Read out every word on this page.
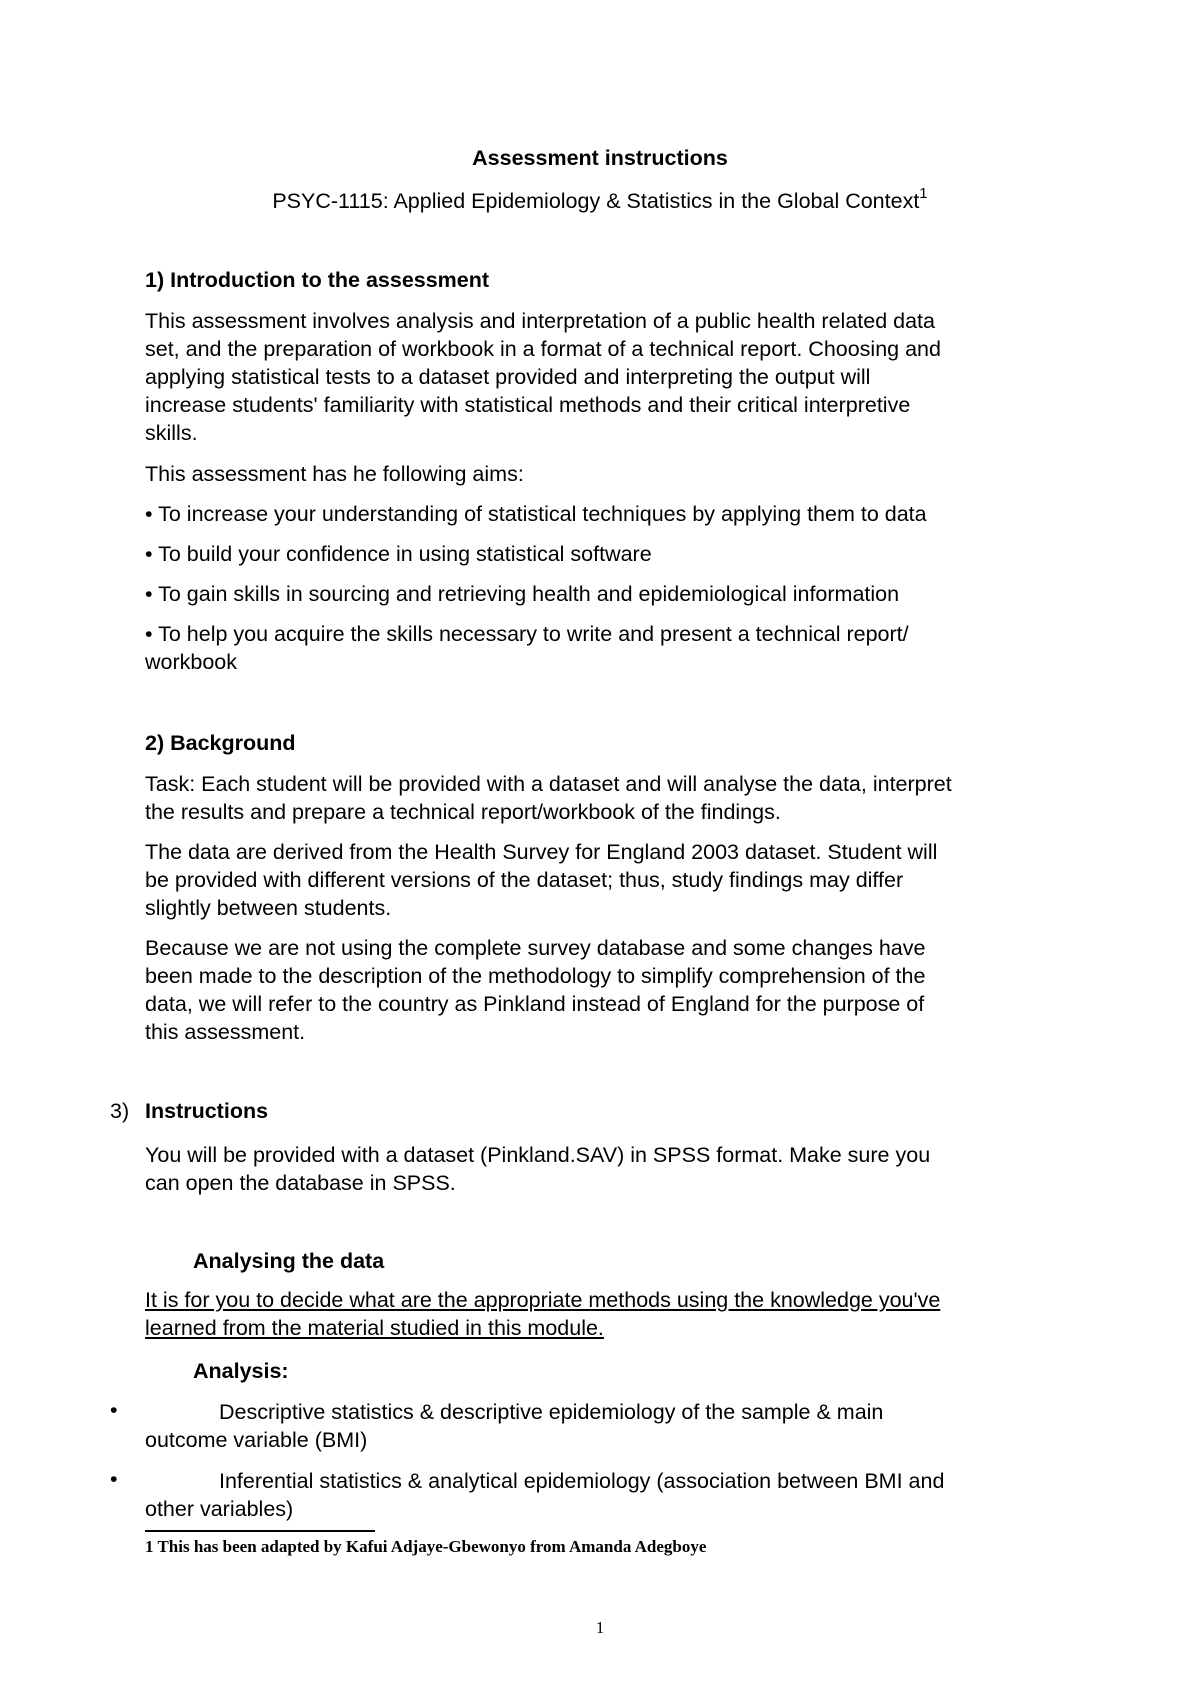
Assessment instructions
PSYC-1115: Applied Epidemiology & Statistics in the Global Context$^1$
1) Introduction to the assessment
This assessment involves analysis and interpretation of a public health related data
set, and the preparation of workbook in a format of a technical report. Choosing and
applying statistical tests to a dataset provided and interpreting the output will
increase students' familiarity with statistical methods and their critical interpretive
skills.
This assessment has he following aims:
• To increase your understanding of statistical techniques by applying them to data
• To build your confidence in using statistical software
• To gain skills in sourcing and retrieving health and epidemiological information
• To help you acquire the skills necessary to write and present a technical report/
workbook
2) Background
Task: Each student will be provided with a dataset and will analyse the data, interpret
the results and prepare a technical report/workbook of the findings.
The data are derived from the Health Survey for England 2003 dataset. Student will
be provided with different versions of the dataset; thus, study findings may differ
slightly between students.
Because we are not using the complete survey database and some changes have
been made to the description of the methodology to simplify comprehension of the
data, we will refer to the country as Pinkland instead of England for the purpose of
this assessment.
3) Instructions
You will be provided with a dataset (Pinkland.SAV) in SPSS format. Make sure you
can open the database in SPSS.
Analysing the data
It is for you to decide what are the appropriate methods using the knowledge you've
learned from the material studied in this module.
Analysis:
•	Descriptive statistics & descriptive epidemiology of the sample & main
outcome variable (BMI)
•	Inferential statistics & analytical epidemiology (association between BMI and
other variables)
1 This has been adapted by Kafui Adjaye-Gbewonyo from Amanda Adegboye
1
